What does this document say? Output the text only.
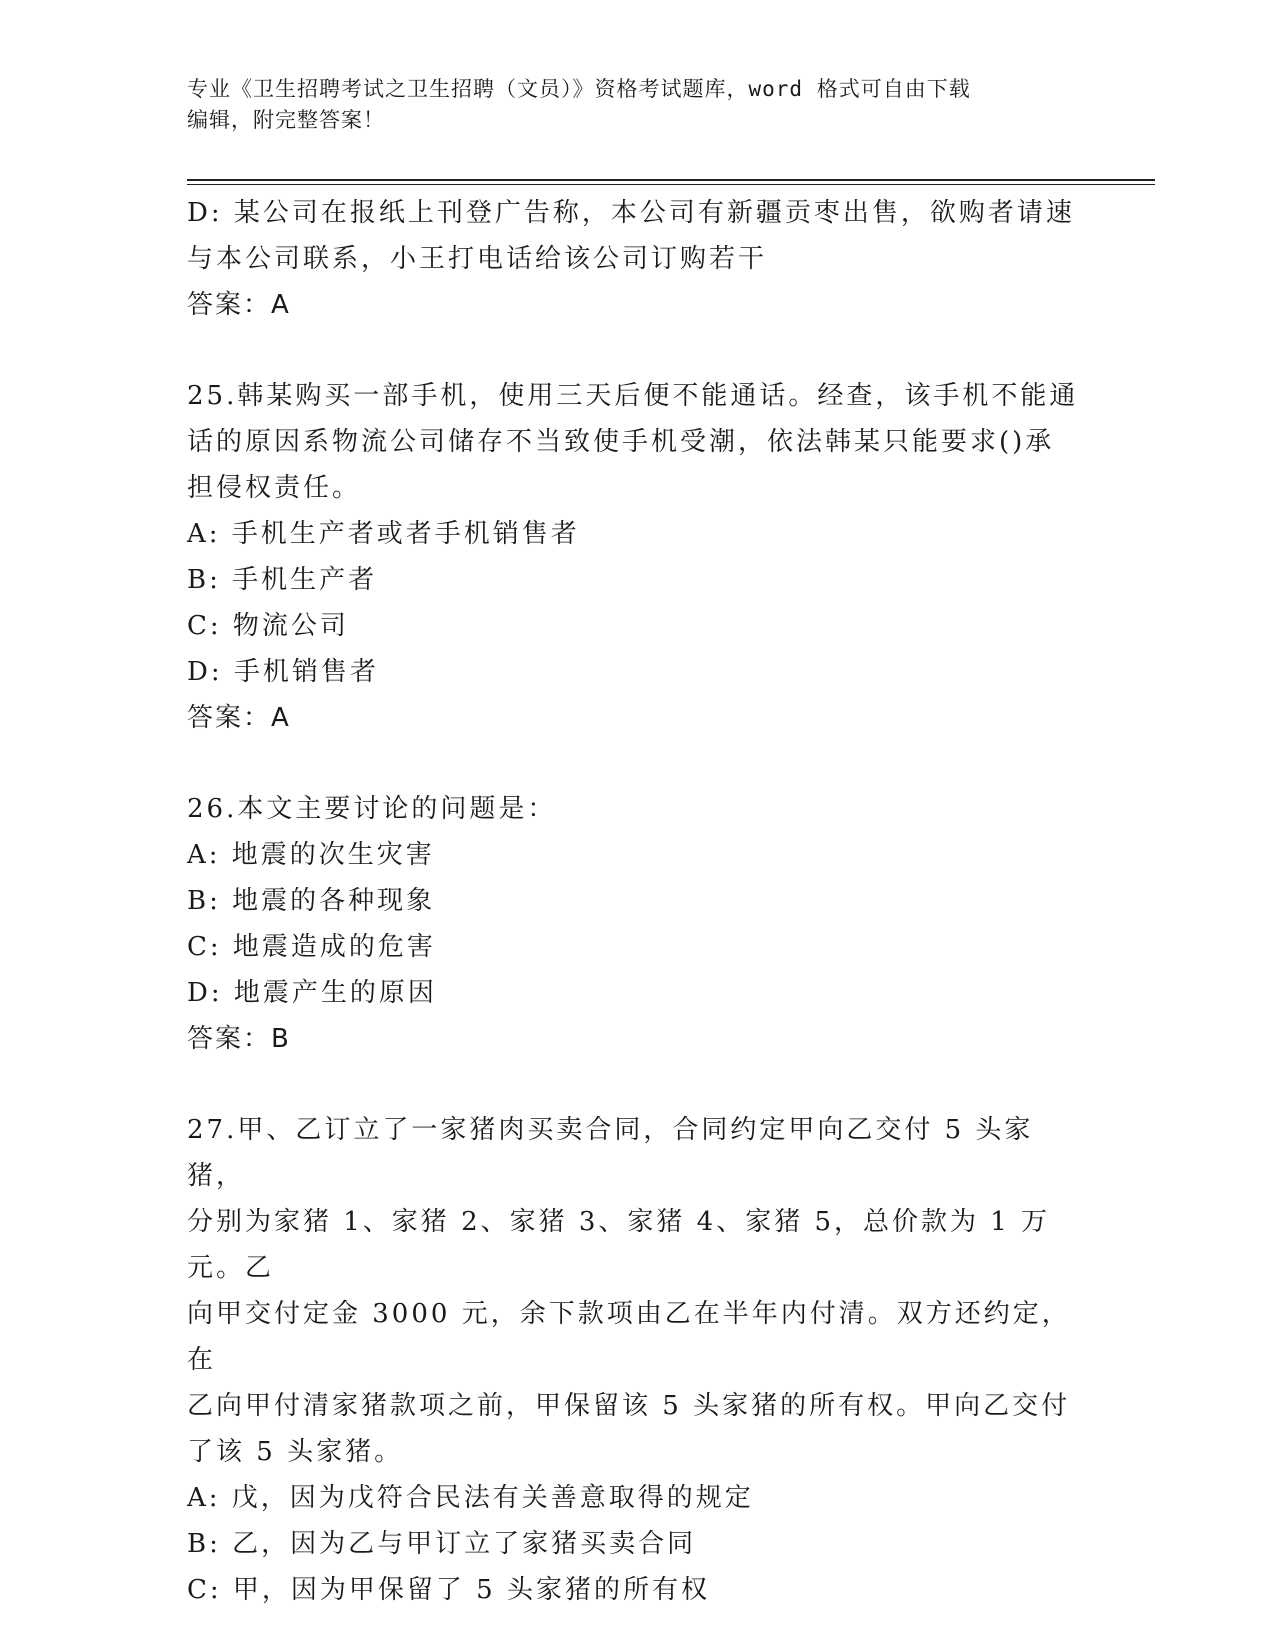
专业《卫生招聘考试之卫生招聘（文员）》资格考试题库，word 格式可自由下载
编辑，附完整答案！
D: 某公司在报纸上刊登广告称，本公司有新疆贡枣出售，欲购者请速
与本公司联系，小王打电话给该公司订购若干
答案：A
25.韩某购买一部手机，使用三天后便不能通话。经查，该手机不能通
话的原因系物流公司储存不当致使手机受潮，依法韩某只能要求()承
担侵权责任。
A: 手机生产者或者手机销售者
B: 手机生产者
C: 物流公司
D: 手机销售者
答案：A
26.本文主要讨论的问题是：
A: 地震的次生灾害
B: 地震的各种现象
C: 地震造成的危害
D: 地震产生的原因
答案：B
27.甲、乙订立了一家猪肉买卖合同，合同约定甲向乙交付 5 头家猪，
分别为家猪 1、家猪 2、家猪 3、家猪 4、家猪 5，总价款为 1 万元。乙
向甲交付定金 3000 元，余下款项由乙在半年内付清。双方还约定，在
乙向甲付清家猪款项之前，甲保留该 5 头家猪的所有权。甲向乙交付
了该 5 头家猪。
A: 戊，因为戊符合民法有关善意取得的规定
B: 乙，因为乙与甲订立了家猪买卖合同
C: 甲，因为甲保留了 5 头家猪的所有权
